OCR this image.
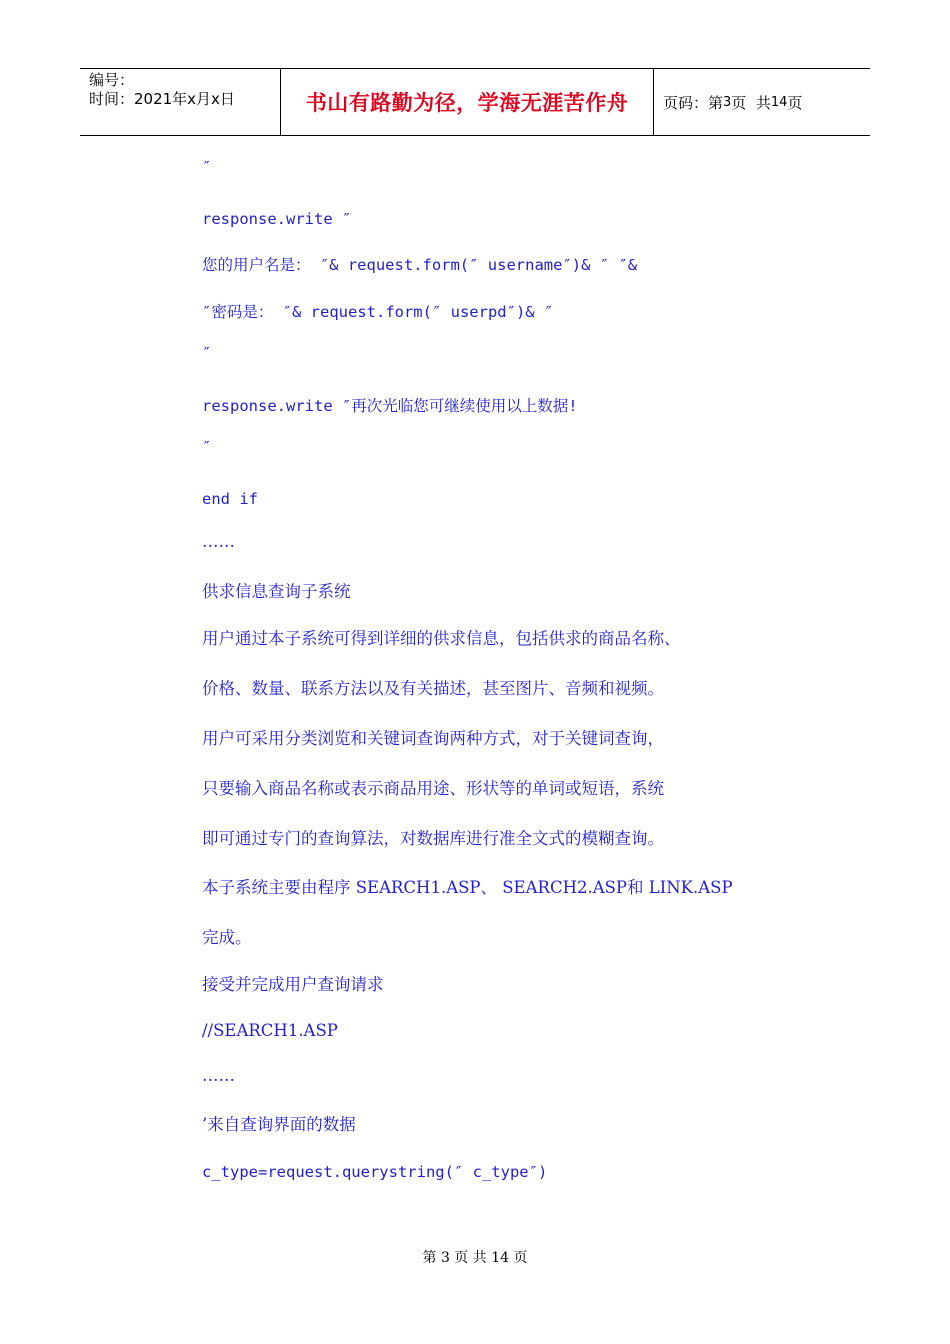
编号：
时间：2021年x月x日	书山有路勤为径，学海无涯苦作舟	页码：第 3 页  共 14 页
″
response.write ″
您的用户名是： ″& request.form(″ username″)& ″ ″&
″密码是： ″& request.form(″ userpd″)& ″
″
response.write ″再次光临您可继续使用以上数据!
″
end if
……
供求信息查询子系统
用户通过本子系统可得到详细的供求信息，包括供求的商品名称、
价格、数量、联系方法以及有关描述，甚至图片、音频和视频。
用户可采用分类浏览和关键词查询两种方式，对于关键词查询，
只要输入商品名称或表示商品用途、形状等的单词或短语，系统
即可通过专门的查询算法，对数据库进行准全文式的模糊查询。
本子系统主要由程序 SEARCH1.ASP、 SEARCH2.ASP和 LINK.ASP
完成。
接受并完成用户查询请求
//SEARCH1.ASP
……
’来自查询界面的数据
c_type=request.querystring(″ c_type″)
第 3 页 共 14 页
